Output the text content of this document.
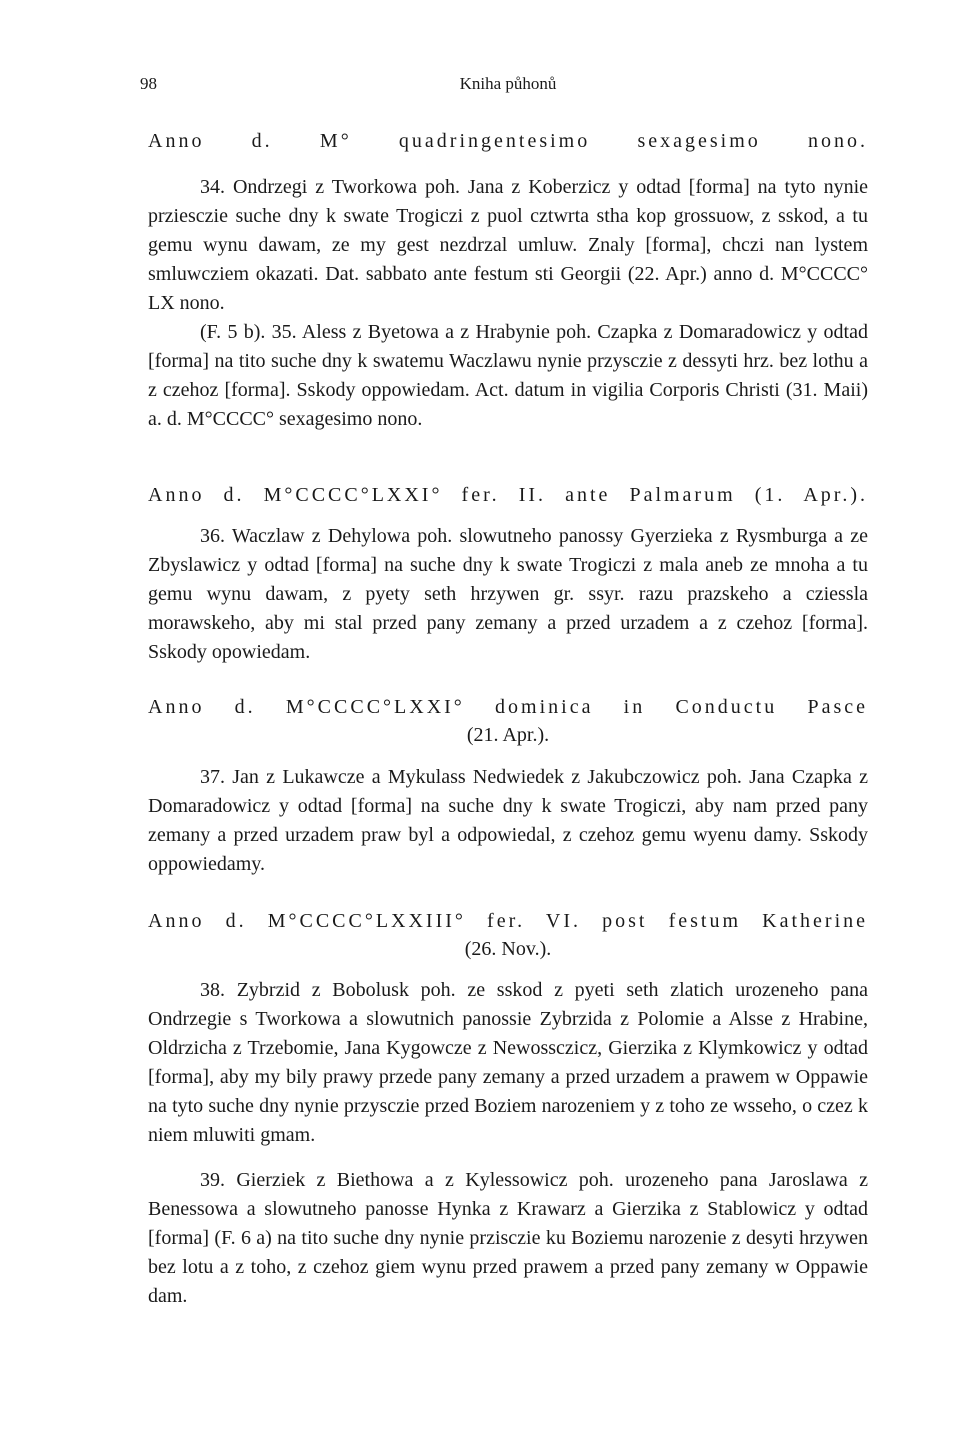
98	Kniha půhonů
Anno d. M° quadringentesimo sexagesimo nono.

34. Ondrzegi z Tworkowa poh. Jana z Koberzicz y odtad [forma] na tyto nynie prziesczie suche dny k swate Trogiczi z puol cztwrta stha kop grossuow, z sskod, a tu gemu wynu dawam, ze my gest nezdrzal umluw. Znaly [forma], chczi nan lystem smluwcziem okazati. Dat. sabbato ante festum sti Georgii (22. Apr.) anno d. M°CCCC° LX nono.

(F. 5 b). 35. Aless z Byetowa a z Hrabynie poh. Czapka z Domaradowicz y odtad [forma] na tito suche dny k swatemu Waczlawu nynie przysczie z dessyti hrz. bez lothu a z czehoz [forma]. Sskody oppowiedam. Act. datum in vigilia Corporis Christi (31. Maii) a. d. M°CCCC° sexagesimo nono.

Anno d. M°CCCC°LXXI° fer. II. ante Palmarum (1. Apr.).

36. Waczlaw z Dehylowa poh. slowutneho panossy Gyerzieka z Rysmburga a ze Zbyslawicz y odtad [forma] na suche dny k swate Trogiczi z mala aneb ze mnoha a tu gemu wynu dawam, z pyety seth hrzywen gr. ssyr. razu prazskeho a cziessla morawskeho, aby mi stal przed pany zemany a przed urzadem a z czehoz [forma]. Sskody opowiedam.

Anno d. M°CCCC°LXXI° dominica in Conductu Pasce
(21. Apr.).

37. Jan z Lukawcze a Mykulass Nedwiedek z Jakubczowicz poh. Jana Czapka z Domaradowicz y odtad [forma] na suche dny k swate Trogiczi, aby nam przed pany zemany a przed urzadem praw byl a odpowiedal, z czehoz gemu wyenu damy. Sskody oppowiedamy.

Anno d. M°CCCC°LXXIII° fer. VI. post festum Katherine
(26. Nov.).

38. Zybrzid z Bobolusk poh. ze sskod z pyeti seth zlatich urozeneho pana Ondrzegie s Tworkowa a slowutnich panossie Zybrzida z Polomie a Alsse z Hrabine, Oldrzicha z Trzebomie, Jana Kygowcze z Newossczicz, Gierzika z Klymkowicz y odtad [forma], aby my bily prawy przede pany zemany a przed urzadem a prawem w Oppawie na tyto suche dny nynie przysczie przed Boziem narozeniem y z toho ze wsseho, o czez k niem mluwiti gmam.

39. Gierziek z Biethowa a z Kylessowicz poh. urozeneho pana Jaroslawa z Benessowa a slowutneho panosse Hynka z Krawarz a Gierzika z Stablowicz y odtad [forma] (F. 6 a) na tito suche dny nynie przisczie ku Boziemu narozenie z desyti hrzywen bez lotu a z toho, z czehoz giem wynu przed prawem a przed pany zemany w Oppawie dam.
